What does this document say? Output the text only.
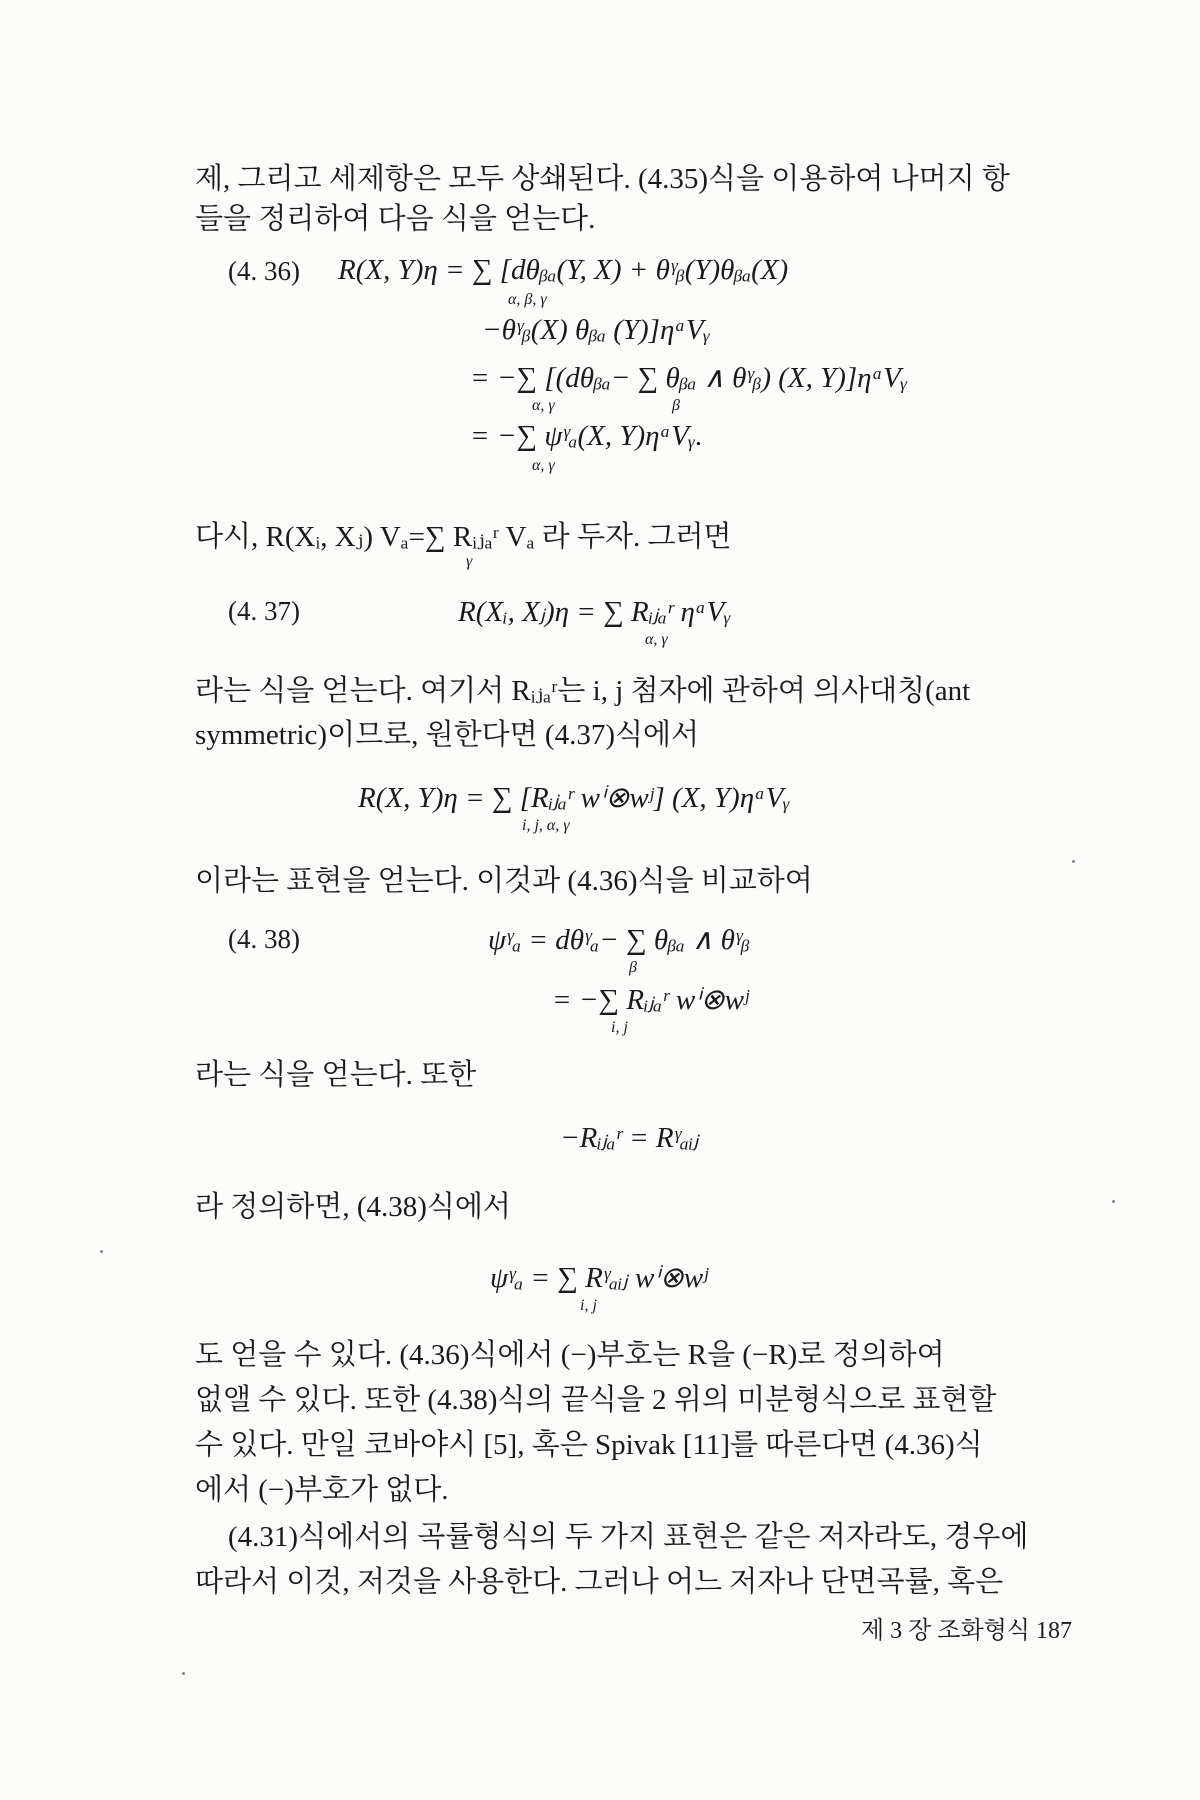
제, 그리고 세제항은 모두 상쇄된다. (4.35)식을 이용하여 나머지 항
들을 정리하여 다음 식을 얻는다.
(4. 36) R(X, Y)η = ∑ [dθᵦₐ(Y, X) + θᵞᵦ(Y)θᵦₐ(X)
α, β, γ
−θᵞᵦ(X) θᵦₐ (Y)]ηᵃVᵧ
= −∑ [(dθᵦₐ− ∑ θᵦₐ ∧ θᵞᵦ) (X, Y)]ηᵃVᵧ
α, γ	β
= −∑ ψᵞₐ(X, Y)ηᵃVᵧ.
α, γ
다시, R(Xᵢ, Xⱼ) Vₐ=∑ Rᵢⱼₐʳ Vₐ 라 두자. 그러면
γ
(4. 37)	R(Xᵢ, Xⱼ)η = ∑ Rᵢⱼₐʳ ηᵃVᵧ
α, γ
라는 식을 얻는다. 여기서 Rᵢⱼₐʳ는 i, j 첨자에 관하여 의사대칭(ant
symmetric)이므로, 원한다면 (4.37)식에서
R(X, Y)η = ∑ [Rᵢⱼₐʳ wⁱ⊗wʲ] (X, Y)ηᵃVᵧ
i, j, α, γ
이라는 표현을 얻는다. 이것과 (4.36)식을 비교하여
(4. 38)	ψᵞₐ = dθᵞₐ− ∑ θᵦₐ ∧ θᵞᵦ
β
= −∑ Rᵢⱼₐʳ wⁱ⊗wʲ
i, j
라는 식을 얻는다. 또한
−Rᵢⱼₐʳ = Rᵞₐᵢⱼ
라 정의하면, (4.38)식에서
ψᵞₐ = ∑ Rᵞₐᵢⱼ wⁱ⊗wʲ
i, j
도 얻을 수 있다. (4.36)식에서 (−)부호는 R을 (−R)로 정의하여
없앨 수 있다. 또한 (4.38)식의 끝식을 2 위의 미분형식으로 표현할
수 있다. 만일 코바야시 [5], 혹은 Spivak [11]를 따른다면 (4.36)식
에서 (−)부호가 없다.
(4.31)식에서의 곡률형식의 두 가지 표현은 같은 저자라도, 경우에
따라서 이것, 저것을 사용한다. 그러나 어느 저자나 단면곡률, 혹은
제 3 장 조화형식 187
